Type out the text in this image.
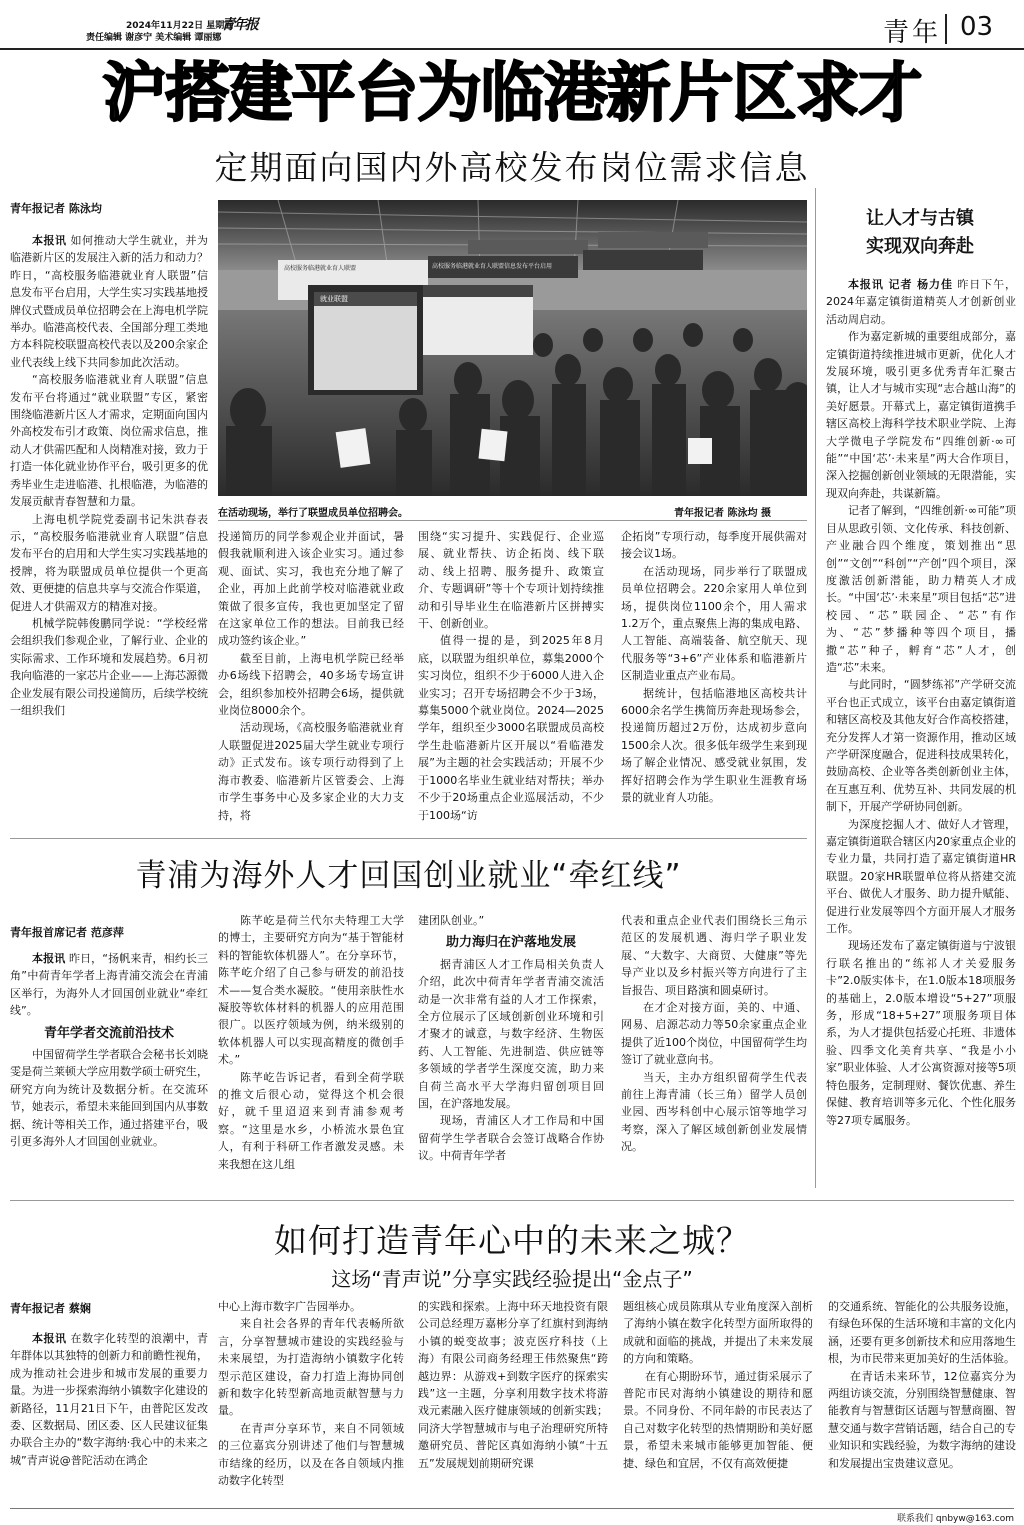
2024年11月22日 星期五
责任编辑 谢彦宁 美术编辑 谭丽娜
青年报	青年 03
沪搭建平台为临港新片区求才
定期面向国内外高校发布岗位需求信息
青年报记者 陈泳均

本报讯 如何推动大学生就业，并为临港新片区的发展注入新的活力和动力？昨日，“高校服务临港就业育人联盟”信息发布平台启用，大学生实习实践基地授牌仪式暨成员单位招聘会在上海电机学院举办。临港高校代表、全国部分理工类地方本科院校联盟高校代表以及200余家企业代表线上线下共同参加此次活动。

“高校服务临港就业育人联盟”信息发布平台将通过“就业联盟”专区，紧密围绕临港新片区人才需求，定期面向国内外高校发布引才政策、岗位需求信息，推动人才供需匹配和人岗精准对接，致力于打造一体化就业协作平台，吸引更多的优秀毕业生走进临港、扎根临港，为临港的发展贡献青春智慧和力量。

上海电机学院党委副书记朱洪春表示，“高校服务临港就业育人联盟”信息发布平台的启用和大学生实习实践基地的授牌，将为联盟成员单位提供一个更高效、更便捷的信息共享与交流合作渠道，促进人才供需双方的精准对接。

机械学院韩俊鹏同学说：“学校经常会组织我们参观企业，了解行业、企业的实际需求、工作环境和发展趋势。6月初我向临港的一家芯片企业——上海芯源微企业发展有限公司投递简历，后续学校统一组织我们

高校服务临港就业育人联盟	高校服务临港就业育人联盟信息发布平台启用
就业联盟
在活动现场，举行了联盟成员单位招聘会。	青年报记者 陈泳均 摄

投递简历的同学参观企业并面试，暑假我就顺利进入该企业实习。通过参观、面试、实习，我也充分地了解了企业，再加上此前学校对临港就业政策做了很多宣传，我也更加坚定了留在这家单位工作的想法。目前我已经成功签约该企业。”

截至目前，上海电机学院已经举办6场线下招聘会，40多场专场宣讲会，组织参加校外招聘会6场，提供就业岗位8000余个。

活动现场，《高校服务临港就业育人联盟促进2025届大学生就业专项行动》正式发布。该专项行动得到了上海市教委、临港新片区管委会、上海市学生事务中心及多家企业的大力支持，将

围绕“实习提升、实践促行、企业巡展、就业帮扶、访企拓岗、线下联动、线上招聘、服务提升、政策宣介、专题调研”等十个专项计划持续推动和引导毕业生在临港新片区拼搏实干、创新创业。

值得一提的是，到2025年8月底，以联盟为组织单位，募集2000个实习岗位，组织不少于6000人进入企业实习；召开专场招聘会不少于3场，募集5000个就业岗位。2024—2025学年，组织至少3000名联盟成员高校学生赴临港新片区开展以“看临港发展”为主题的社会实践活动；开展不少于1000名毕业生就业结对帮扶；举办不少于20场重点企业巡展活动，不少于100场“访

企拓岗”专项行动，每季度开展供需对接会议1场。

在活动现场，同步举行了联盟成员单位招聘会。220余家用人单位到场，提供岗位1100余个，用人需求1.2万个，重点聚焦上海的集成电路、人工智能、高端装备、航空航天、现代服务等“3+6”产业体系和临港新片区制造业重点产业布局。

据统计，包括临港地区高校共计6000余名学生携简历奔赴现场参会，投递简历超过2万份，达成初步意向1500余人次。很多低年级学生来到现场了解企业情况、感受就业氛围，发挥好招聘会作为学生职业生涯教育场景的就业育人功能。

让人才与古镇
实现双向奔赴

本报讯 记者 杨力佳 昨日下午，2024年嘉定镇街道精英人才创新创业活动周启动。

作为嘉定新城的重要组成部分，嘉定镇街道持续推进城市更新，优化人才发展环境，吸引更多优秀青年汇聚古镇，让人才与城市实现“志合越山海”的美好愿景。开幕式上，嘉定镇街道携手辖区高校上海科学技术职业学院、上海大学微电子学院发布“四维创新·∞可能”“中国‘芯’·未来星”两大合作项目，深入挖掘创新创业领域的无限潜能，实现双向奔赴，共谋新篇。

记者了解到，“四维创新·∞可能”项目从思政引领、文化传承、科技创新、产业融合四个维度，策划推出“思创”“文创”“科创”“产创”四个项目，深度激活创新潜能，助力精英人才成长。“中国‘芯’·未来星”项目包括“芯”进校园、“芯”联园企、“芯”有作为、“芯”梦播种等四个项目，播撒“芯”种子，孵育“芯”人才，创造“芯”未来。

与此同时，“圆梦练祁”产学研交流平台也正式成立，该平台由嘉定镇街道和辖区高校及其他友好合作高校搭建，充分发挥人才第一资源作用，推动区域产学研深度融合，促进科技成果转化，鼓励高校、企业等各类创新创业主体，在互惠互利、优势互补、共同发展的机制下，开展产学研协同创新。

为深度挖掘人才、做好人才管理，嘉定镇街道联合辖区内20家重点企业的专业力量，共同打造了嘉定镇街道HR联盟。20家HR联盟单位将从搭建交流平台、做优人才服务、助力提升赋能、促进行业发展等四个方面开展人才服务工作。

现场还发布了嘉定镇街道与宁波银行联名推出的“练祁人才关爱服务卡”2.0版实体卡，在1.0版本18项服务的基础上，2.0版本增设“5+27”项服务，形成“18+5+27”项服务项目体系，为人才提供包括爱心托班、非遗体验、四季文化美育共享、“我是小小家”职业体验、人才公寓资源对接等5项特色服务，定制理财、餐饮优惠、养生保健、教育培训等多元化、个性化服务等27项专属服务。

青浦为海外人才回国创业就业“牵红线”
青年报首席记者 范彦萍

本报讯 昨日，“扬帆来青，相约长三角”中荷青年学者上海青浦交流会在青浦区举行，为海外人才回国创业就业“牵红线”。

青年学者交流前沿技术

中国留荷学生学者联合会秘书长刘晓雯是荷兰莱顿大学应用数学硕士研究生，研究方向为统计及数据分析。在交流环节，她表示，希望未来能回到国内从事数据、统计等相关工作，通过搭建平台，吸引更多海外人才回国创业就业。

陈芊屹是荷兰代尔夫特理工大学的博士，主要研究方向为“基于智能材料的智能软体机器人”。在分享环节，陈芊屹介绍了自己参与研发的前沿技术——复合类水凝胶。“使用亲肤性水凝胶等软体材料的机器人的应用范围很广。以医疗领域为例，纳米级别的软体机器人可以实现高精度的微创手术。”

陈芊屹告诉记者，看到全荷学联的推文后很心动，觉得这个机会很好，就千里迢迢来到青浦参观考察。“这里是水乡，小桥流水景色宜人，有利于科研工作者激发灵感。未来我想在这儿组

建团队创业。”

助力海归在沪落地发展

据青浦区人才工作局相关负责人介绍，此次中荷青年学者青浦交流活动是一次非常有益的人才工作探索，全方位展示了区域创新创业环境和引才聚才的诚意，与数字经济、生物医药、人工智能、先进制造、供应链等多领域的学者学生深度交流，助力来自荷兰高水平大学海归留创项目回国，在沪落地发展。

现场，青浦区人才工作局和中国留荷学生学者联合会签订战略合作协议。中荷青年学者

代表和重点企业代表们围绕长三角示范区的发展机遇、海归学子职业发展、“大数字、大商贸、大健康”等先导产业以及乡村振兴等方向进行了主旨报告、项目路演和圆桌研讨。

在才企对接方面，美的、中通、网易、启源芯动力等50余家重点企业提供了近100个岗位，中国留荷学生均签订了就业意向书。

当天，主办方组织留荷学生代表前往上海青浦（长三角）留学人员创业园、西岑科创中心展示馆等地学习考察，深入了解区域创新创业发展情况。

如何打造青年心中的未来之城？
这场“青声说”分享实践经验提出“金点子”
青年报记者 蔡娴

本报讯 在数字化转型的浪潮中，青年群体以其独特的创新力和前瞻性视角，成为推动社会进步和城市发展的重要力量。为进一步探索海纳小镇数字化建设的新路径，11月21日下午，由普陀区发改委、区数据局、团区委、区人民建议征集办联合主办的“数字海纳·我心中的未来之城”青声说@普陀活动在鸿企

中心上海市数字广告园举办。

来自社会各界的青年代表畅所欲言，分享智慧城市建设的实践经验与未来展望，为打造海纳小镇数字化转型示范区建设，奋力打造上海协同创新和数字化转型新高地贡献智慧与力量。

在青声分享环节，来自不同领域的三位嘉宾分别讲述了他们与智慧城市结缘的经历，以及在各自领域内推动数字化转型

的实践和探索。上海中环天地投资有限公司总经理万嘉彬分享了红旗村到海纳小镇的蜕变故事；波克医疗科技（上海）有限公司商务经理王伟然聚焦“跨越边界：从游戏+到数字医疗的探索实践”这一主题，分享利用数字技术将游戏元素融入医疗健康领域的创新实践；同济大学智慧城市与电子治理研究所特邀研究员、普陀区真如海纳小镇“十五五”发展规划前期研究课

题组核心成员陈琪从专业角度深入剖析了海纳小镇在数字化转型方面所取得的成就和面临的挑战，并提出了未来发展的方向和策略。

在有心期盼环节，通过街采展示了普陀市民对海纳小镇建设的期待和愿景。不同身份、不同年龄的市民表达了自己对数字化转型的热情期盼和美好愿景，希望未来城市能够更加智能、便捷、绿色和宜居，不仅有高效便捷

的交通系统、智能化的公共服务设施，有绿色环保的生活环境和丰富的文化内涵，还要有更多创新技术和应用落地生根，为市民带来更加美好的生活体验。

在青话未来环节，12位嘉宾分为两组访谈交流，分别围绕智慧健康、智能教育与智慧街区话题与智慧商圈、智慧交通与数字营销话题，结合自己的专业知识和实践经验，为数字海纳的建设和发展提出宝贵建议意见。

联系我们 qnbyw@163.com
